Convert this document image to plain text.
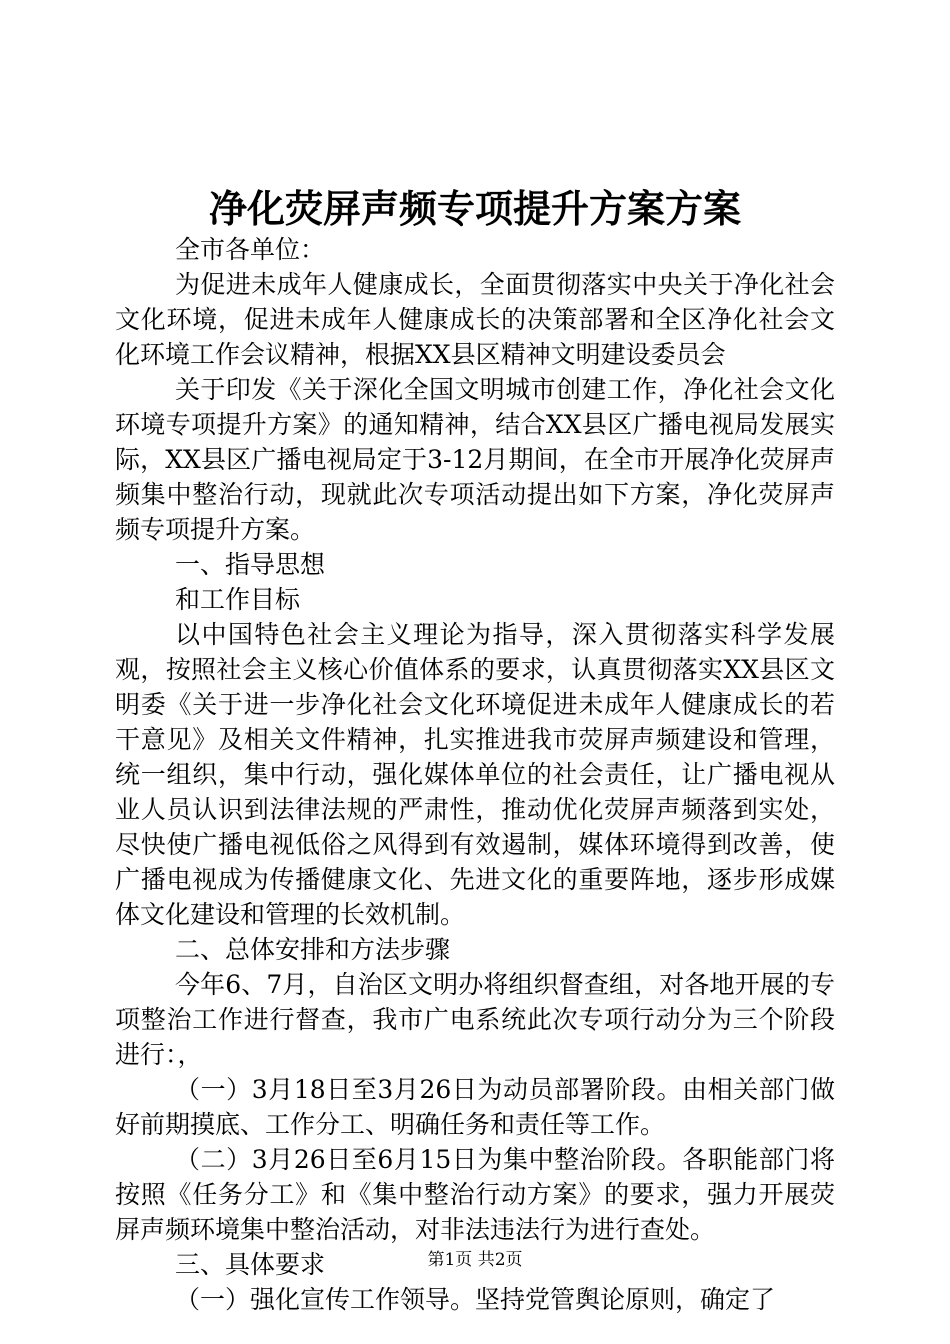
净化荧屏声频专项提升方案方案

全市各单位：

为促进未成年人健康成长，全面贯彻落实中央关于净化社会文化环境，促进未成年人健康成长的决策部署和全区净化社会文化环境工作会议精神，根据XX县区精神文明建设委员会

关于印发《关于深化全国文明城市创建工作，净化社会文化环境专项提升方案》的通知精神，结合XX县区广播电视局发展实际，XX县区广播电视局定于3-12月期间，在全市开展净化荧屏声频集中整治行动，现就此次专项活动提出如下方案，净化荧屏声频专项提升方案。

一、指导思想

和工作目标

以中国特色社会主义理论为指导，深入贯彻落实科学发展观，按照社会主义核心价值体系的要求，认真贯彻落实XX县区文明委《关于进一步净化社会文化环境促进未成年人健康成长的若干意见》及相关文件精神，扎实推进我市荧屏声频建设和管理，统一组织，集中行动，强化媒体单位的社会责任，让广播电视从业人员认识到法律法规的严肃性，推动优化荧屏声频落到实处，尽快使广播电视低俗之风得到有效遏制，媒体环境得到改善，使广播电视成为传播健康文化、先进文化的重要阵地，逐步形成媒体文化建设和管理的长效机制。

二、总体安排和方法步骤

今年6、7月，自治区文明办将组织督查组，对各地开展的专项整治工作进行督查，我市广电系统此次专项行动分为三个阶段进行：，

（一）3月18日至3月26日为动员部署阶段。由相关部门做好前期摸底、工作分工、明确任务和责任等工作。

（二）3月26日至6月15日为集中整治阶段。各职能部门将按照《任务分工》和《集中整治行动方案》的要求，强力开展荧屏声频环境集中整治活动，对非法违法行为进行查处。

三、具体要求

（一）强化宣传工作领导。坚持党管舆论原则，确定了

第1页 共2页
